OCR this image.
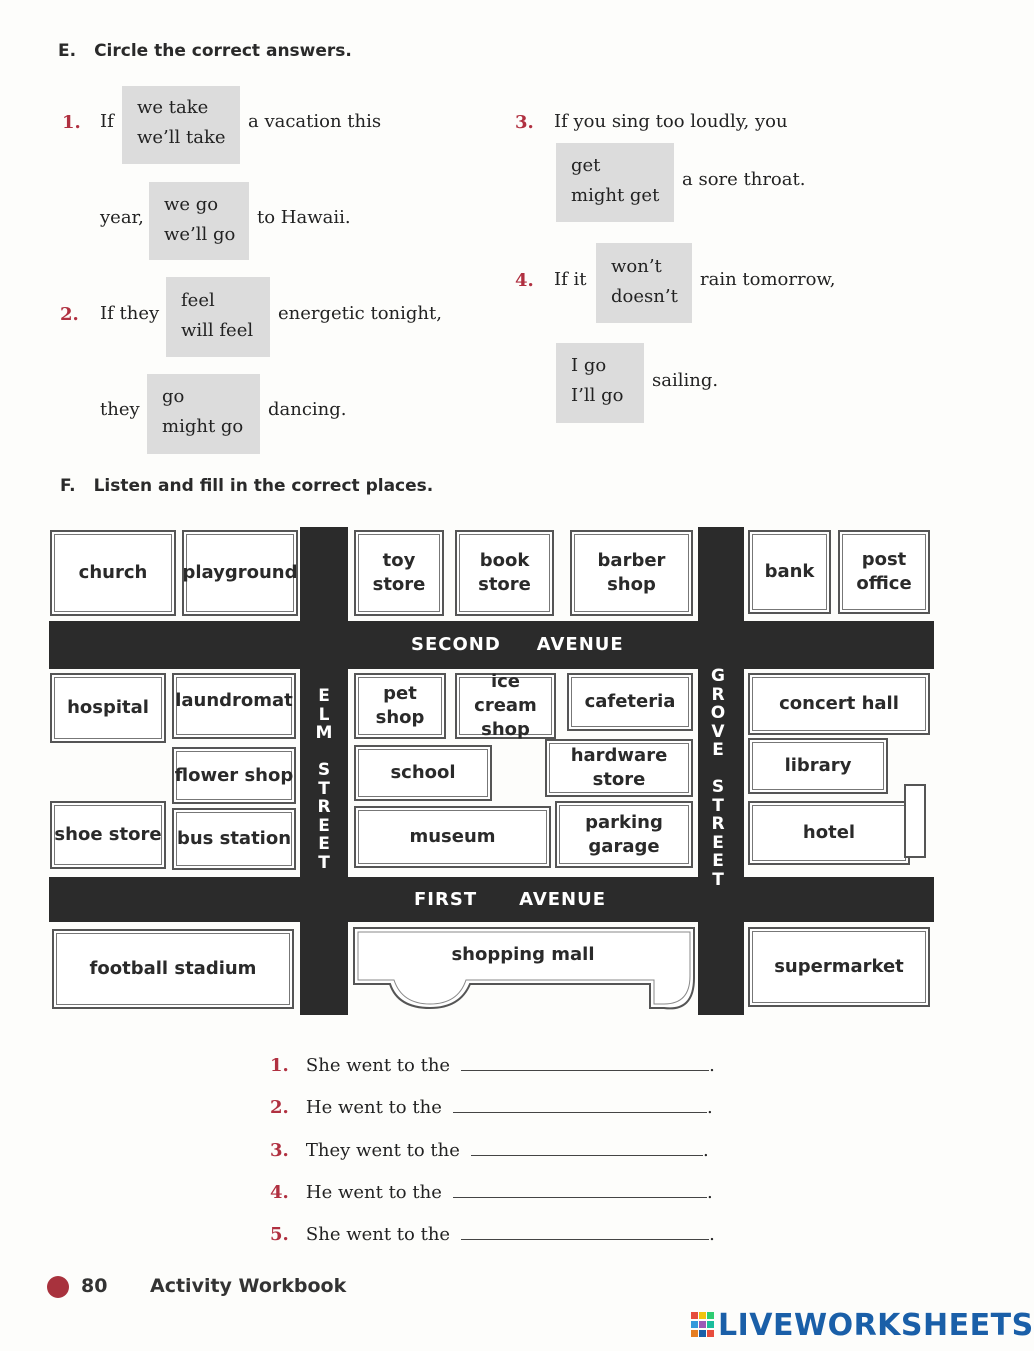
E. Circle the correct answers.
1. If
we take
we’ll take
a vacation this
year,
we go
we’ll go
to Hawaii.
2. If they
feel
will feel
energetic tonight,
they
go
might go
dancing.
3. If you sing too loudly, you
get
might get
a sore throat.
4. If it
won’t
doesn’t
rain tomorrow,
I go
I’ll go
sailing.
F. Listen and fill in the correct places.
SECOND AVENUE
FIRST AVENUE
E
L
M
S
T
R
E
E
T
G
R
O
V
E
S
T
R
E
E
T
church playground
toy
store
book
store
barber
shop
bank
post
office
hospital laundromat	pet
shop
ice cream
shop
cafeteria	concert hall
flower shop	school
hardware store
library
shoe store bus station	museum
parking
garage
hotel
football stadium
shopping mall
supermarket
1. She went to the	.
2. He went to the	.
3. They went to the	.
4. He went to the	.
5. She went to the	.
80 Activity Workbook
LIVEWORKSHEETS
